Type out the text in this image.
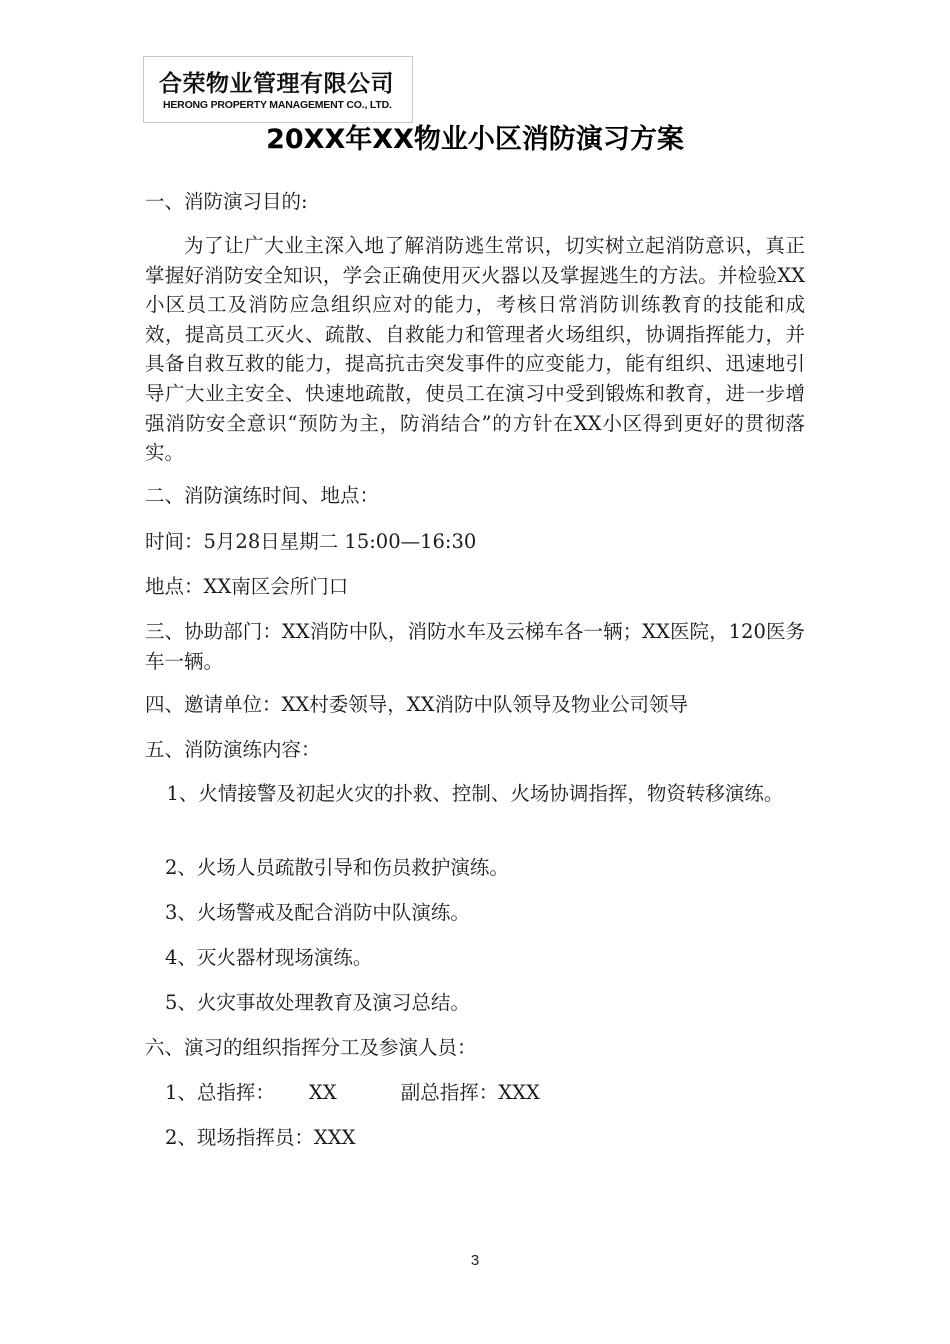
合荣物业管理有限公司
HERONG PROPERTY MANAGEMENT CO., LTD.
20XX年XX物业小区消防演习方案

一、消防演习目的:

为了让广大业主深入地了解消防逃生常识，切实树立起消防意识，真正掌握好消防安全知识，学会正确使用灭火器以及掌握逃生的方法。并检验XX小区员工及消防应急组织应对的能力，考核日常消防训练教育的技能和成效，提高员工灭火、疏散、自救能力和管理者火场组织，协调指挥能力，并具备自救互救的能力，提高抗击突发事件的应变能力，能有组织、迅速地引导广大业主安全、快速地疏散，使员工在演习中受到锻炼和教育，进一步增强消防安全意识“预防为主，防消结合”的方针在XX小区得到更好的贯彻落实。

二、消防演练时间、地点：

时间：5月28日星期二 15:00—16:30

地点：XX南区会所门口

三、协助部门：XX消防中队，消防水车及云梯车各一辆；XX医院，120医务车一辆。

四、邀请单位：XX村委领导，XX消防中队领导及物业公司领导

五、消防演练内容：

1、火情接警及初起火灾的扑救、控制、火场协调指挥，物资转移演练。

2、火场人员疏散引导和伤员救护演练。

3、火场警戒及配合消防中队演练。

4、灭火器材现场演练。

5、火灾事故处理教育及演习总结。

六、演习的组织指挥分工及参演人员：

1、总指挥： XX	副总指挥：XXX

2、现场指挥员：XXX

3
